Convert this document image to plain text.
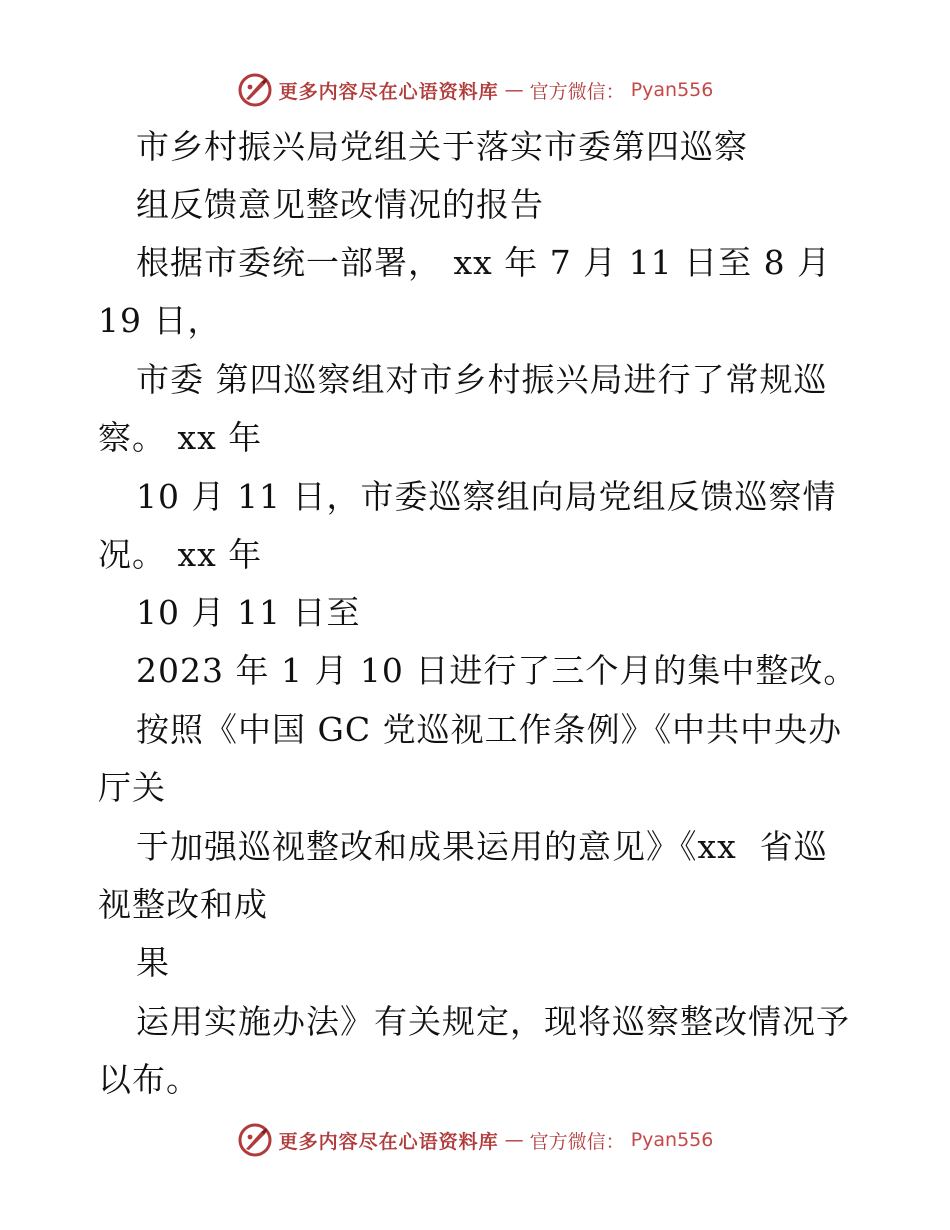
更多内容尽在心语资料库 — 官方微信： Pyan556
市乡村振兴局党组关于落实市委第四巡察
组反馈意见整改情况的报告
根据市委统一部署， xx 年 7 月 11 日至 8 月
19 日，
市委 第四巡察组对市乡村振兴局进行了常规巡
察。 xx 年
10 月 11 日，市委巡察组向局党组反馈巡察情
况。 xx 年
10 月 11 日至
2023 年 1 月 10 日进行了三个月的集中整改。
按照《中国 GC 党巡视工作条例》《中共中央办
厅关
于加强巡视整改和成果运用的意见》《xx  省巡
视整改和成
果
运用实施办法》有关规定，现将巡察整改情况予
以布。
更多内容尽在心语资料库 — 官方微信： Pyan556
